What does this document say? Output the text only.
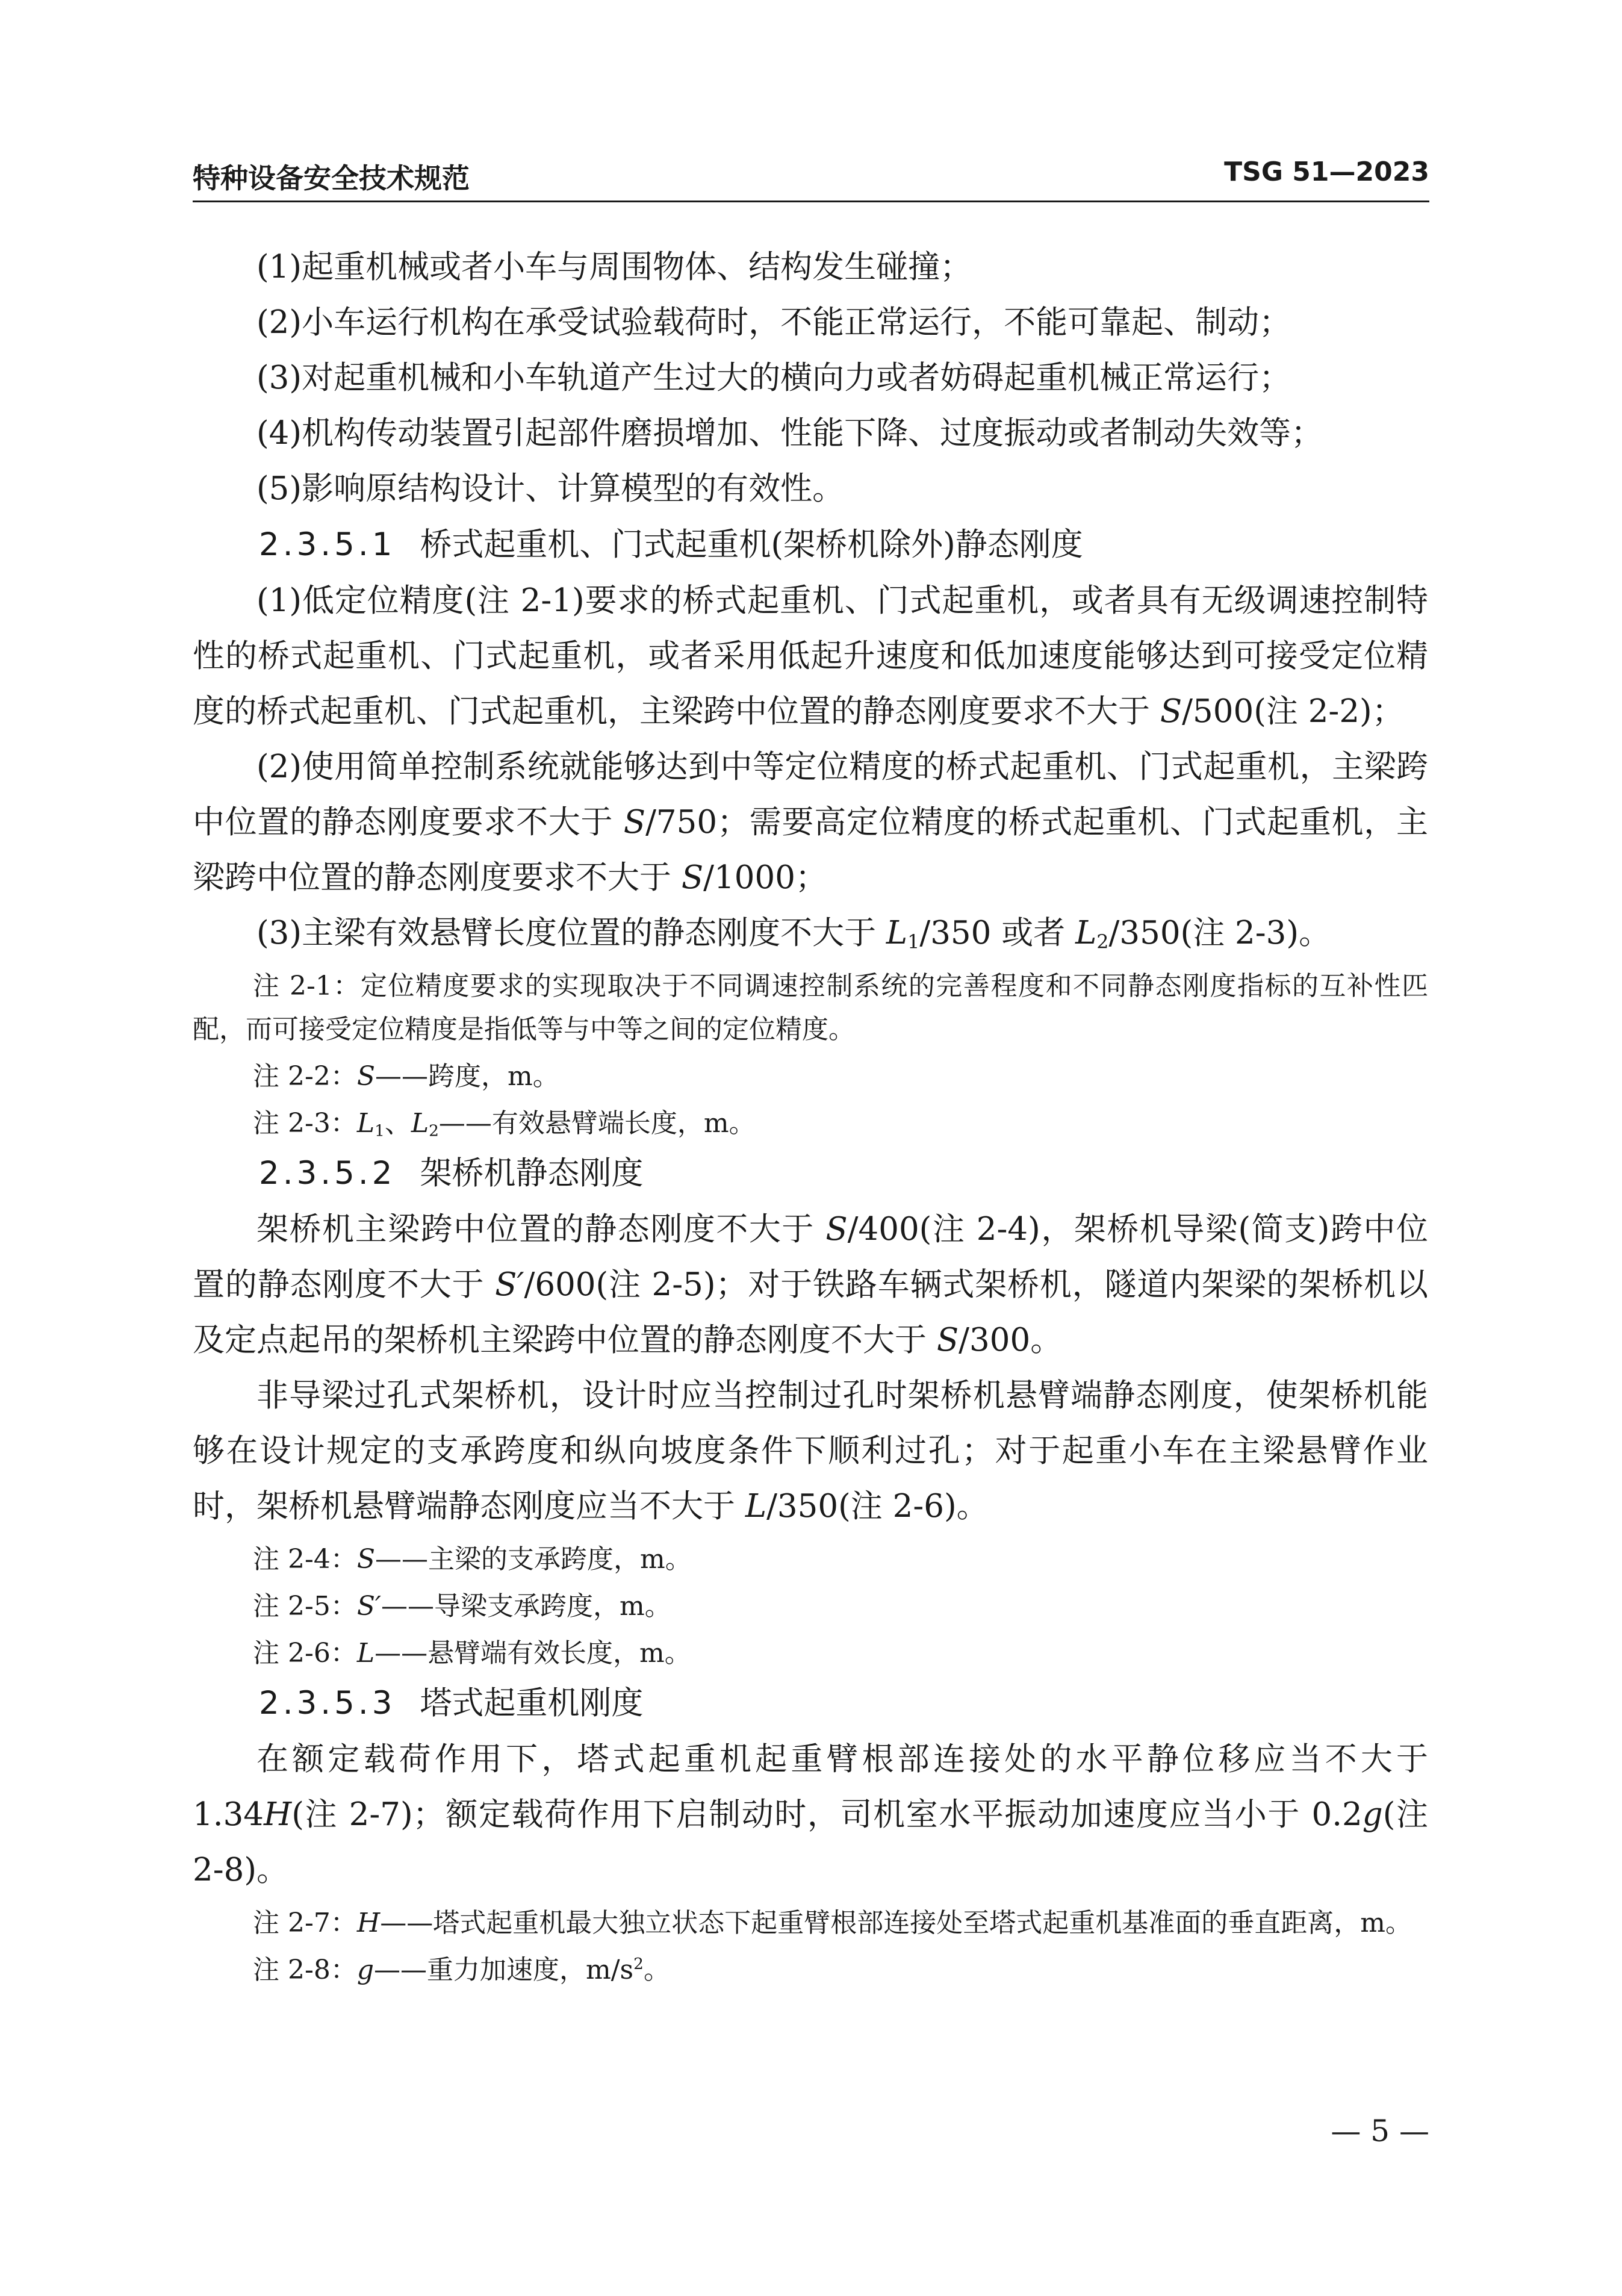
特种设备安全技术规范	TSG 51—2023

(1)起重机械或者小车与周围物体、结构发生碰撞；

(2)小车运行机构在承受试验载荷时，不能正常运行，不能可靠起、制动；

(3)对起重机械和小车轨道产生过大的横向力或者妨碍起重机械正常运行；

(4)机构传动装置引起部件磨损增加、性能下降、过度振动或者制动失效等；

(5)影响原结构设计、计算模型的有效性。

2.3.5.1 桥式起重机、门式起重机(架桥机除外)静态刚度

(1)低定位精度(注 2-1)要求的桥式起重机、门式起重机，或者具有无级调速控制特性的桥式起重机、门式起重机，或者采用低起升速度和低加速度能够达到可接受定位精度的桥式起重机、门式起重机，主梁跨中位置的静态刚度要求不大于 S/500(注 2-2)；

(2)使用简单控制系统就能够达到中等定位精度的桥式起重机、门式起重机，主梁跨中位置的静态刚度要求不大于 S/750；需要高定位精度的桥式起重机、门式起重机，主梁跨中位置的静态刚度要求不大于 S/1000；

(3)主梁有效悬臂长度位置的静态刚度不大于 $L_1/350$ 或者 $L_2/350$(注 2-3)。

注 2-1：定位精度要求的实现取决于不同调速控制系统的完善程度和不同静态刚度指标的互补性匹配，而可接受定位精度是指低等与中等之间的定位精度。

注 2-2：S——跨度，m。

注 2-3：$L_1$、$L_2——$有效悬臂端长度，m。

2.3.5.2 架桥机静态刚度

架桥机主梁跨中位置的静态刚度不大于 S/400(注 2-4)，架桥机导梁(简支)跨中位置的静态刚度不大于 S′/600(注 2-5)；对于铁路车辆式架桥机，隧道内架梁的架桥机以及定点起吊的架桥机主梁跨中位置的静态刚度不大于 S/300。

非导梁过孔式架桥机，设计时应当控制过孔时架桥机悬臂端静态刚度，使架桥机能够在设计规定的支承跨度和纵向坡度条件下顺利过孔；对于起重小车在主梁悬臂作业时，架桥机悬臂端静态刚度应当不大于 L/350(注 2-6)。

注 2-4：S——主梁的支承跨度，m。

注 2-5：S′——导梁支承跨度，m。

注 2-6：L——悬臂端有效长度，m。

2.3.5.3 塔式起重机刚度

在额定载荷作用下，塔式起重机起重臂根部连接处的水平静位移应当不大于 1.34H(注 2-7)；额定载荷作用下启制动时，司机室水平振动加速度应当小于 0.2g(注 2-8)。

注 2-7：H——塔式起重机最大独立状态下起重臂根部连接处至塔式起重机基准面的垂直距离，m。

注 2-8：g——重力加速度，$m/s^2$。

— 5 —
